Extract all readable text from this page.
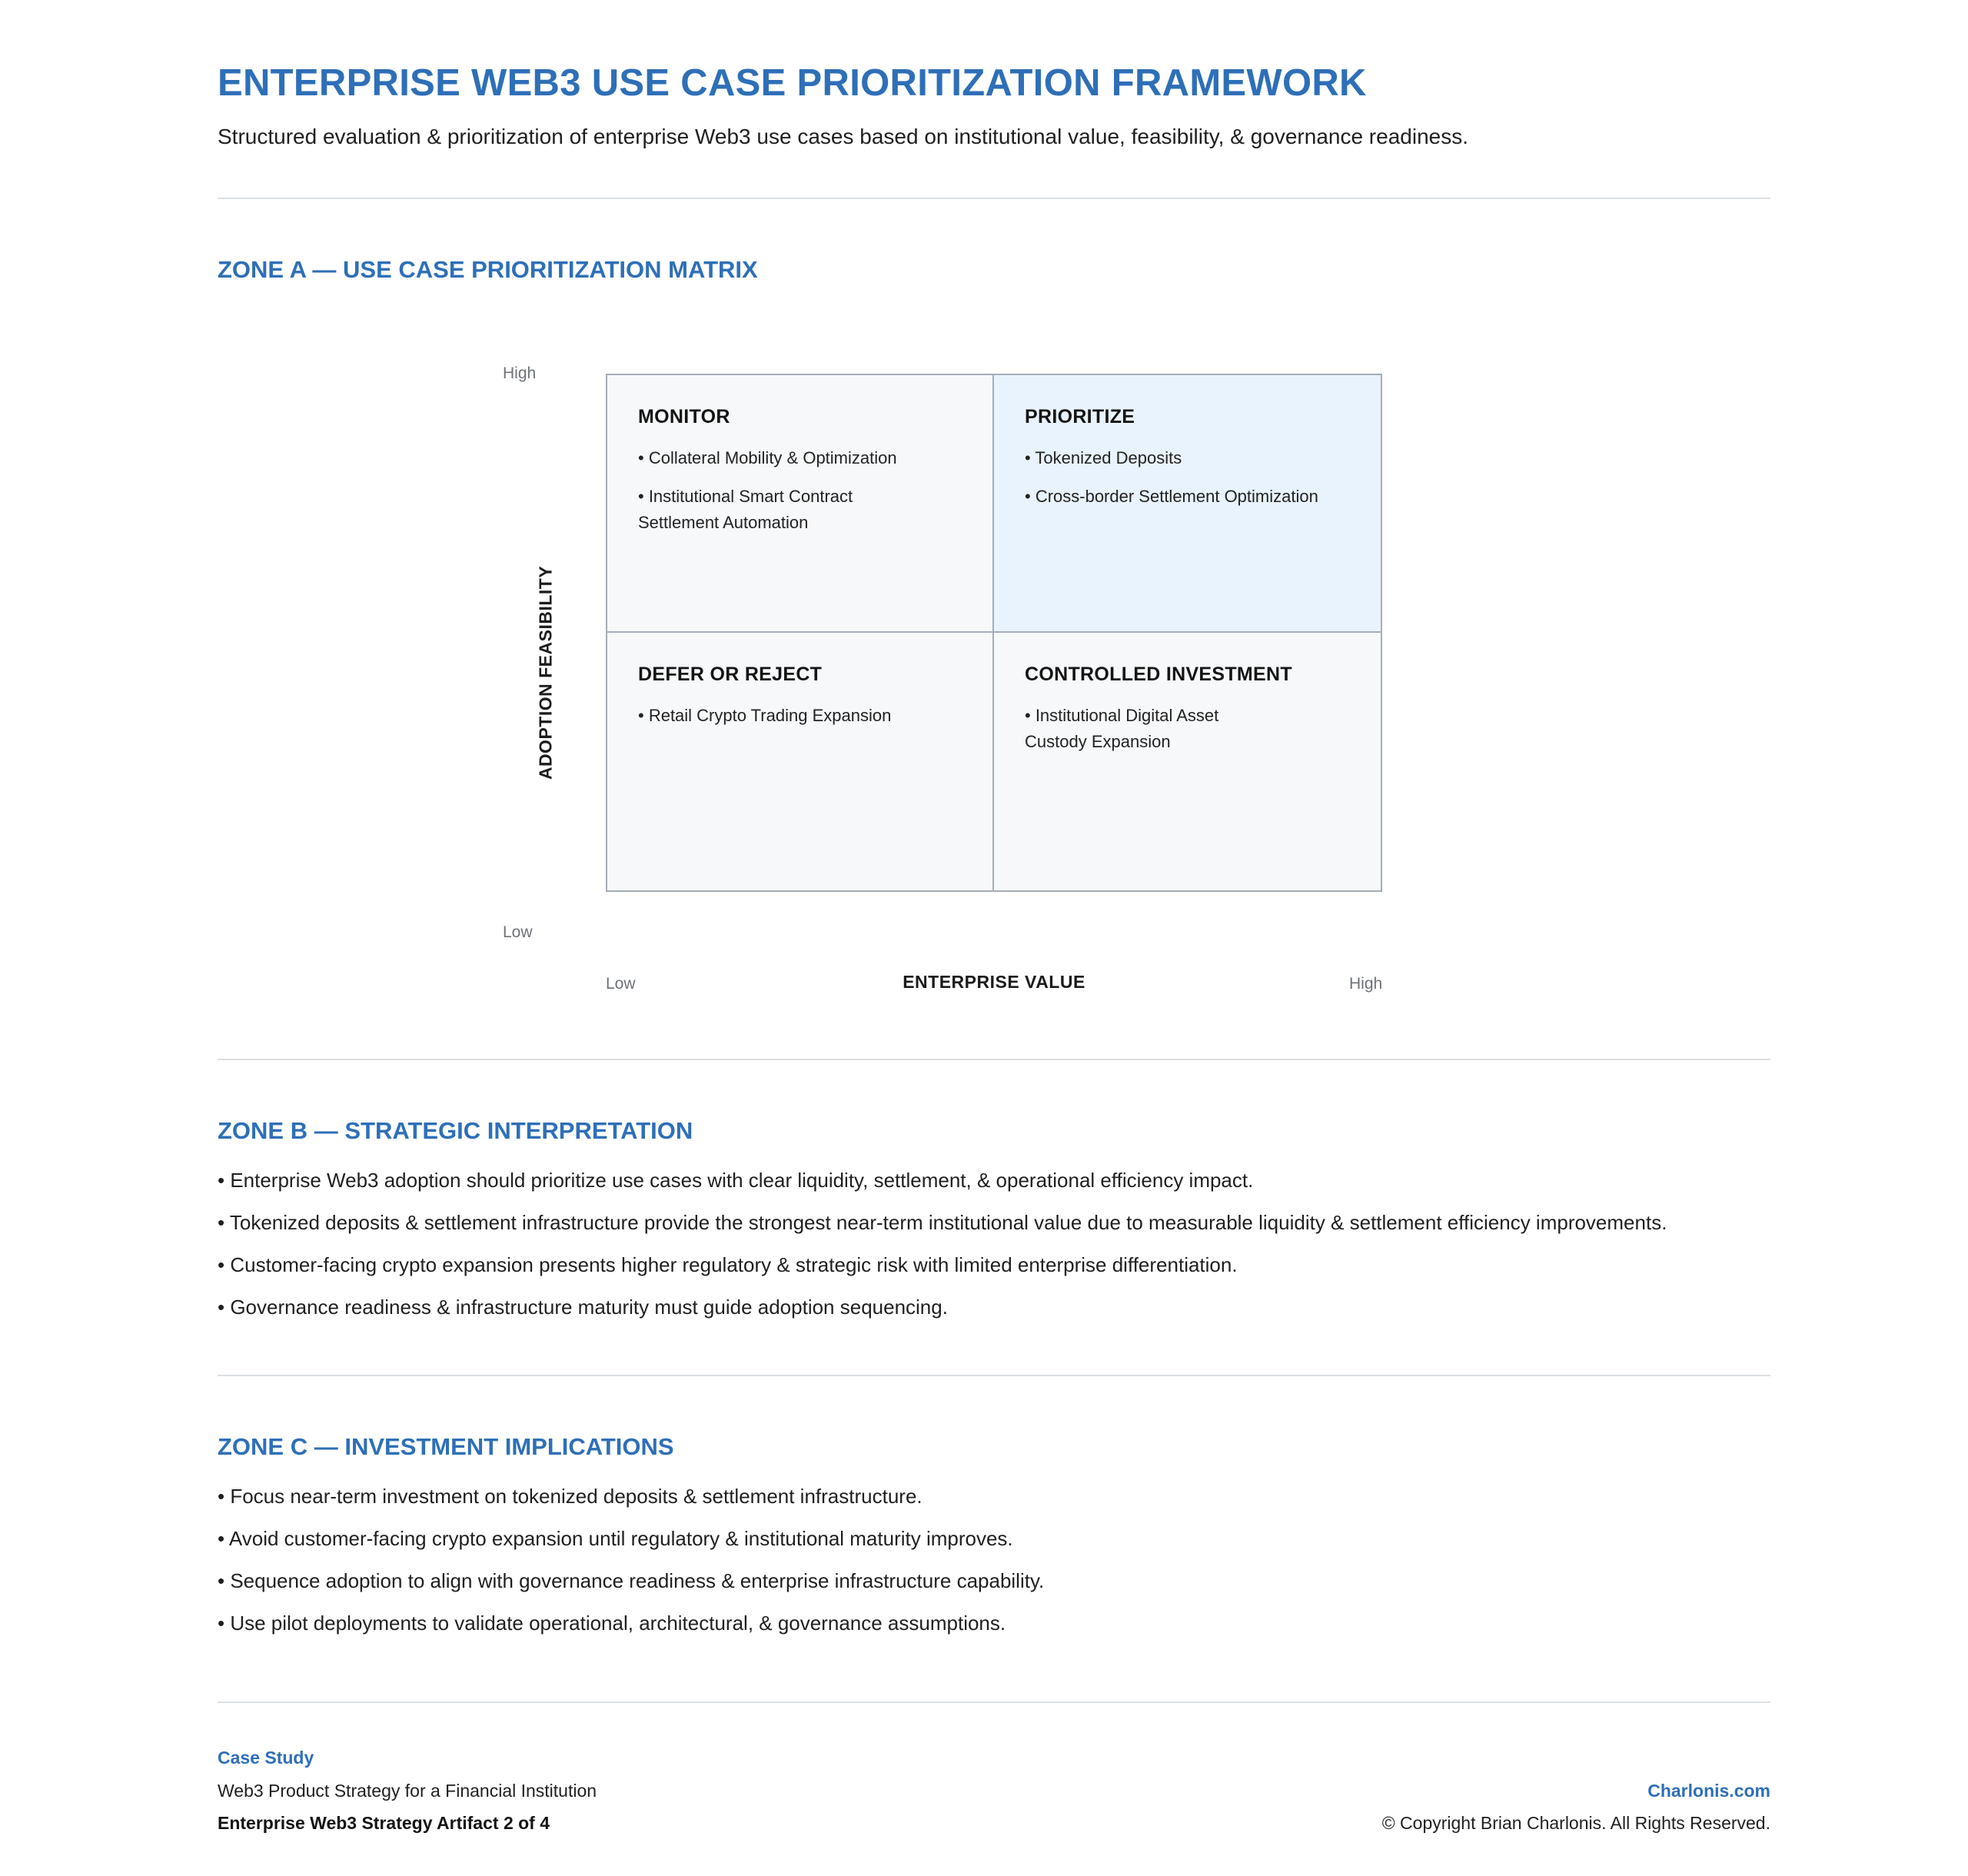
ENTERPRISE WEB3 USE CASE PRIORITIZATION FRAMEWORK
Structured evaluation & prioritization of enterprise Web3 use cases based on institutional value, feasibility, & governance readiness.
ZONE A — USE CASE PRIORITIZATION MATRIX
High
Low
ADOPTION FEASIBILITY
MONITOR
• Collateral Mobility & Optimization
• Institutional Smart Contract Settlement Automation
PRIORITIZE
• Tokenized Deposits
• Cross-border Settlement Optimization
DEFER OR REJECT
• Retail Crypto Trading Expansion
CONTROLLED INVESTMENT
• Institutional Digital Asset Custody Expansion
Low	ENTERPRISE VALUE	High
ZONE B — STRATEGIC INTERPRETATION
• Enterprise Web3 adoption should prioritize use cases with clear liquidity, settlement, & operational efficiency impact.
• Tokenized deposits & settlement infrastructure provide the strongest near-term institutional value due to measurable liquidity & settlement efficiency improvements.
• Customer-facing crypto expansion presents higher regulatory & strategic risk with limited enterprise differentiation.
• Governance readiness & infrastructure maturity must guide adoption sequencing.
ZONE C — INVESTMENT IMPLICATIONS
• Focus near-term investment on tokenized deposits & settlement infrastructure.
• Avoid customer-facing crypto expansion until regulatory & institutional maturity improves.
• Sequence adoption to align with governance readiness & enterprise infrastructure capability.
• Use pilot deployments to validate operational, architectural, & governance assumptions.
Case Study
Web3 Product Strategy for a Financial Institution
Enterprise Web3 Strategy Artifact 2 of 4
Charlonis.com
© Copyright Brian Charlonis. All Rights Reserved.
